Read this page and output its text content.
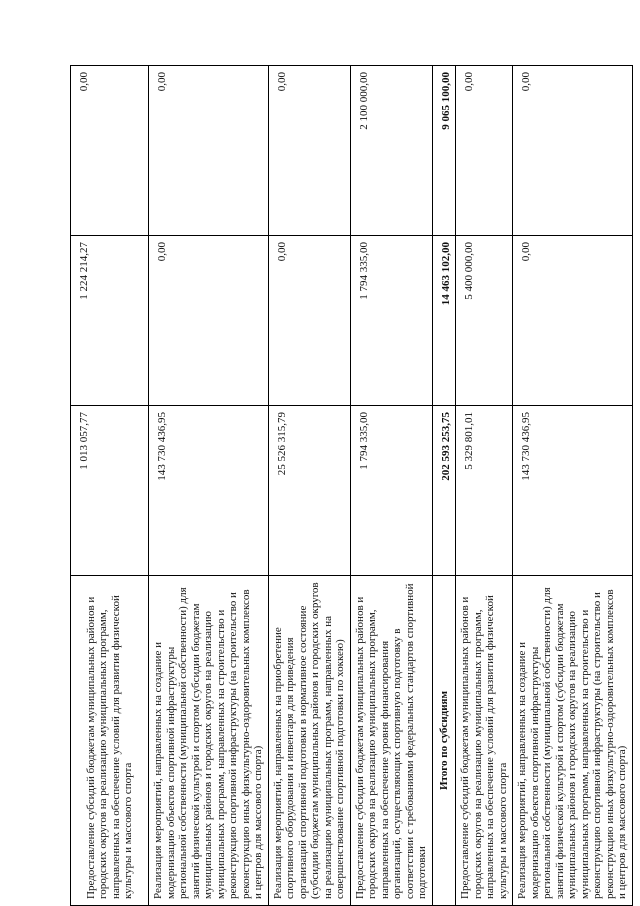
Предоставление субсидий бюджетам муниципальных районов и городских округов на реализацию муниципальных программ, направленных на обеспечение условий для развития физической культуры и массового спорта	1 013 057,77	1 224 214,27	0,00
Реализация мероприятий, направленных на создание и модернизацию объектов спортивной инфраструктуры региональной собственности (муниципальной собственности) для занятий физической культурой и спортом (субсидии бюджетам муниципальных районов и городских округов на реализацию муниципальных программ, направленных на строительство и реконструкцию спортивной инфраструктуры (на строительство и реконструкцию иных физкультурно-оздоровительных комплексов и центров для массового спорта)	143 730 436,95	0,00	0,00
Реализация мероприятий, направленных на приобретение спортивного оборудования и инвентаря для приведения организаций спортивной подготовки в нормативное состояние (субсидии бюджетам муниципальных районов и городских округов на реализацию муниципальных программ, направленных на совершенствование спортивной подготовки по хоккею)	25 526 315,79	0,00	0,00
Предоставление субсидии бюджетам муниципальных районов и городских округов на реализацию муниципальных программ, направленных на обеспечение уровня финансирования организаций, осуществляющих спортивную подготовку в соответствии с требованиями федеральных стандартов спортивной подготовки	1 794 335,00	1 794 335,00	2 100 000,00
Итого по субсидиям	202 593 253,75	14 463 102,00	9 065 100,00
Предоставление субсидий бюджетам муниципальных районов и городских округов на реализацию муниципальных программ, направленных на обеспечение условий для развития физической культуры и массового спорта	5 329 801,01	5 400 000,00	0,00
Реализация мероприятий, направленных на создание и модернизацию объектов спортивной инфраструктуры региональной собственности (муниципальной собственности) для занятий физической культурой и спортом (субсидии бюджетам муниципальных районов и городских округов на реализацию муниципальных программ, направленных на строительство и реконструкцию спортивной инфраструктуры (на строительство и реконструкцию иных физкультурно-оздоровительных комплексов и центров для массового спорта)	143 730 436,95	0,00	0,00
